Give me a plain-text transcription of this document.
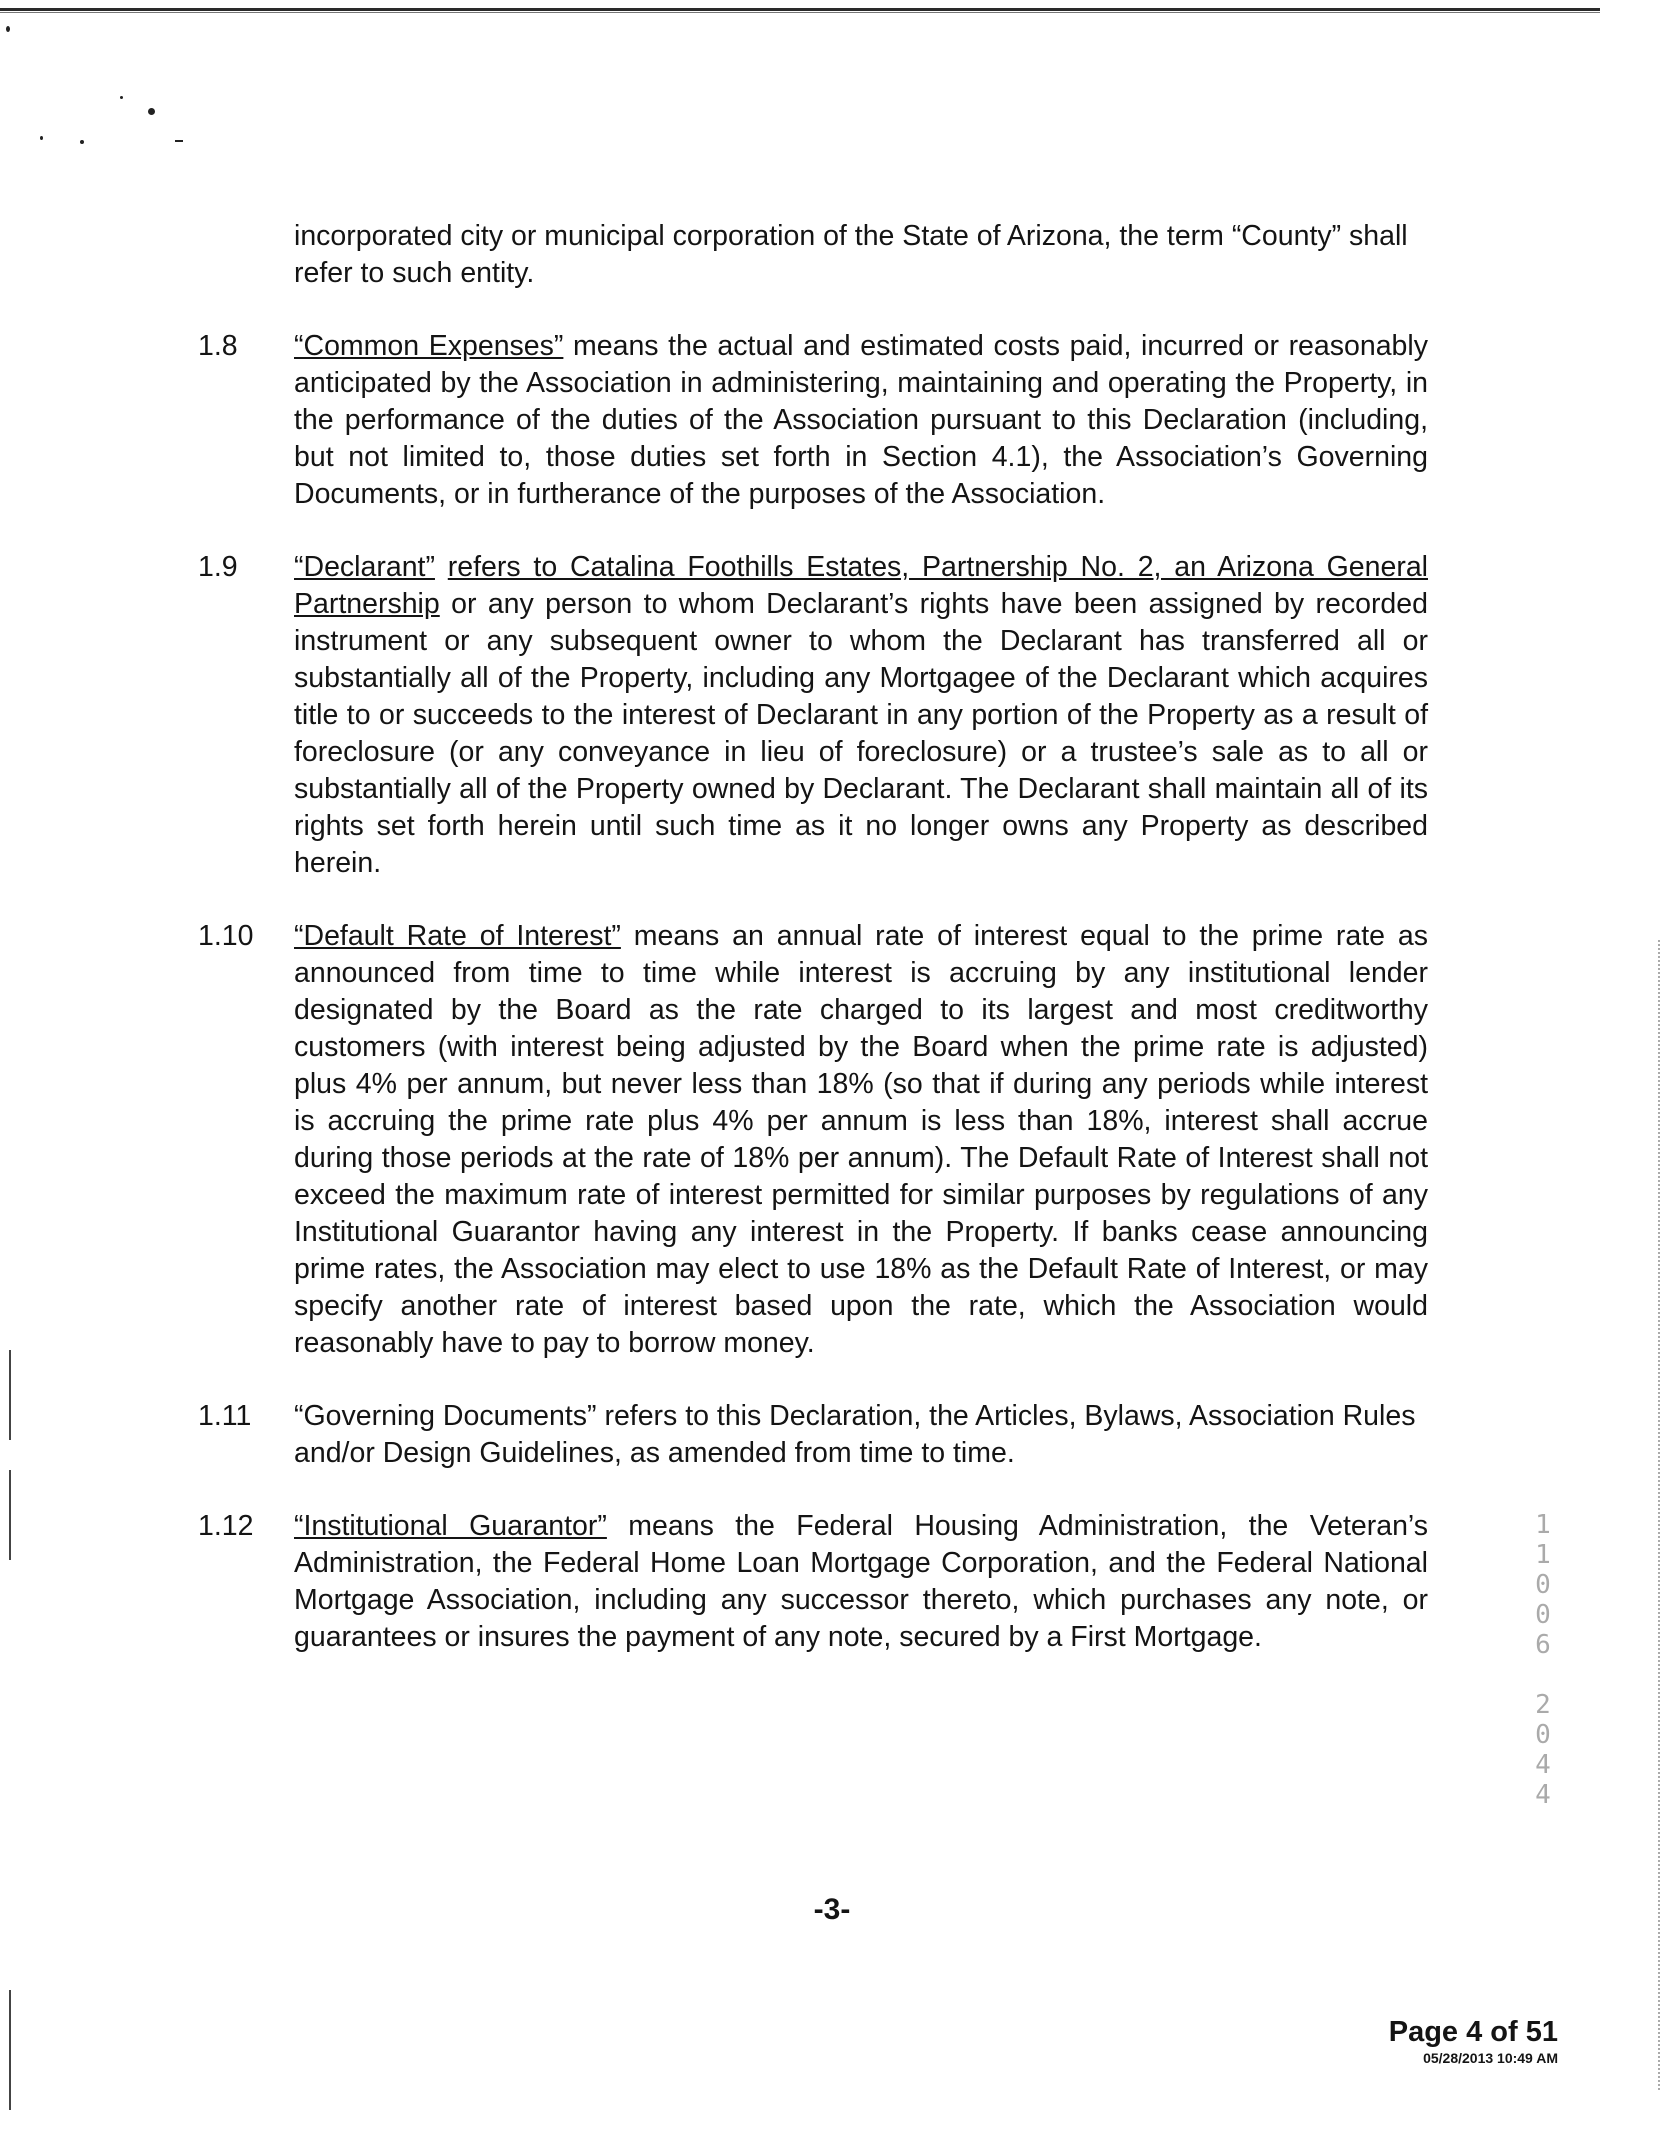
incorporated city or municipal corporation of the State of Arizona, the term “County” shall refer to such entity.
1.8	“Common Expenses” means the actual and estimated costs paid, incurred or reasonably anticipated by the Association in administering, maintaining and operating the Property, in the performance of the duties of the Association pursuant to this Declaration (including, but not limited to, those duties set forth in Section 4.1), the Association’s Governing Documents, or in furtherance of the purposes of the Association.
1.9	“Declarant” refers to Catalina Foothills Estates, Partnership No. 2, an Arizona General Partnership or any person to whom Declarant’s rights have been assigned by recorded instrument or any subsequent owner to whom the Declarant has transferred all or substantially all of the Property, including any Mortgagee of the Declarant which acquires title to or succeeds to the interest of Declarant in any portion of the Property as a result of foreclosure (or any conveyance in lieu of foreclosure) or a trustee’s sale as to all or substantially all of the Property owned by Declarant. The Declarant shall maintain all of its rights set forth herein until such time as it no longer owns any Property as described herein.
1.10	“Default Rate of Interest” means an annual rate of interest equal to the prime rate as announced from time to time while interest is accruing by any institutional lender designated by the Board as the rate charged to its largest and most creditworthy customers (with interest being adjusted by the Board when the prime rate is adjusted) plus 4% per annum, but never less than 18% (so that if during any periods while interest is accruing the prime rate plus 4% per annum is less than 18%, interest shall accrue during those periods at the rate of 18% per annum). The Default Rate of Interest shall not exceed the maximum rate of interest permitted for similar purposes by regulations of any Institutional Guarantor having any interest in the Property. If banks cease announcing prime rates, the Association may elect to use 18% as the Default Rate of Interest, or may specify another rate of interest based upon the rate, which the Association would reasonably have to pay to borrow money.
1.11	“Governing Documents” refers to this Declaration, the Articles, Bylaws, Association Rules and/or Design Guidelines, as amended from time to time.
1.12	“Institutional Guarantor” means the Federal Housing Administration, the Veteran’s Administration, the Federal Home Loan Mortgage Corporation, and the Federal National Mortgage Association, including any successor thereto, which purchases any note, or guarantees or insures the payment of any note, secured by a First Mortgage.
1
1
0
0
6
2
0
4
4
-3-
Page 4 of 51
05/28/2013 10:49 AM
